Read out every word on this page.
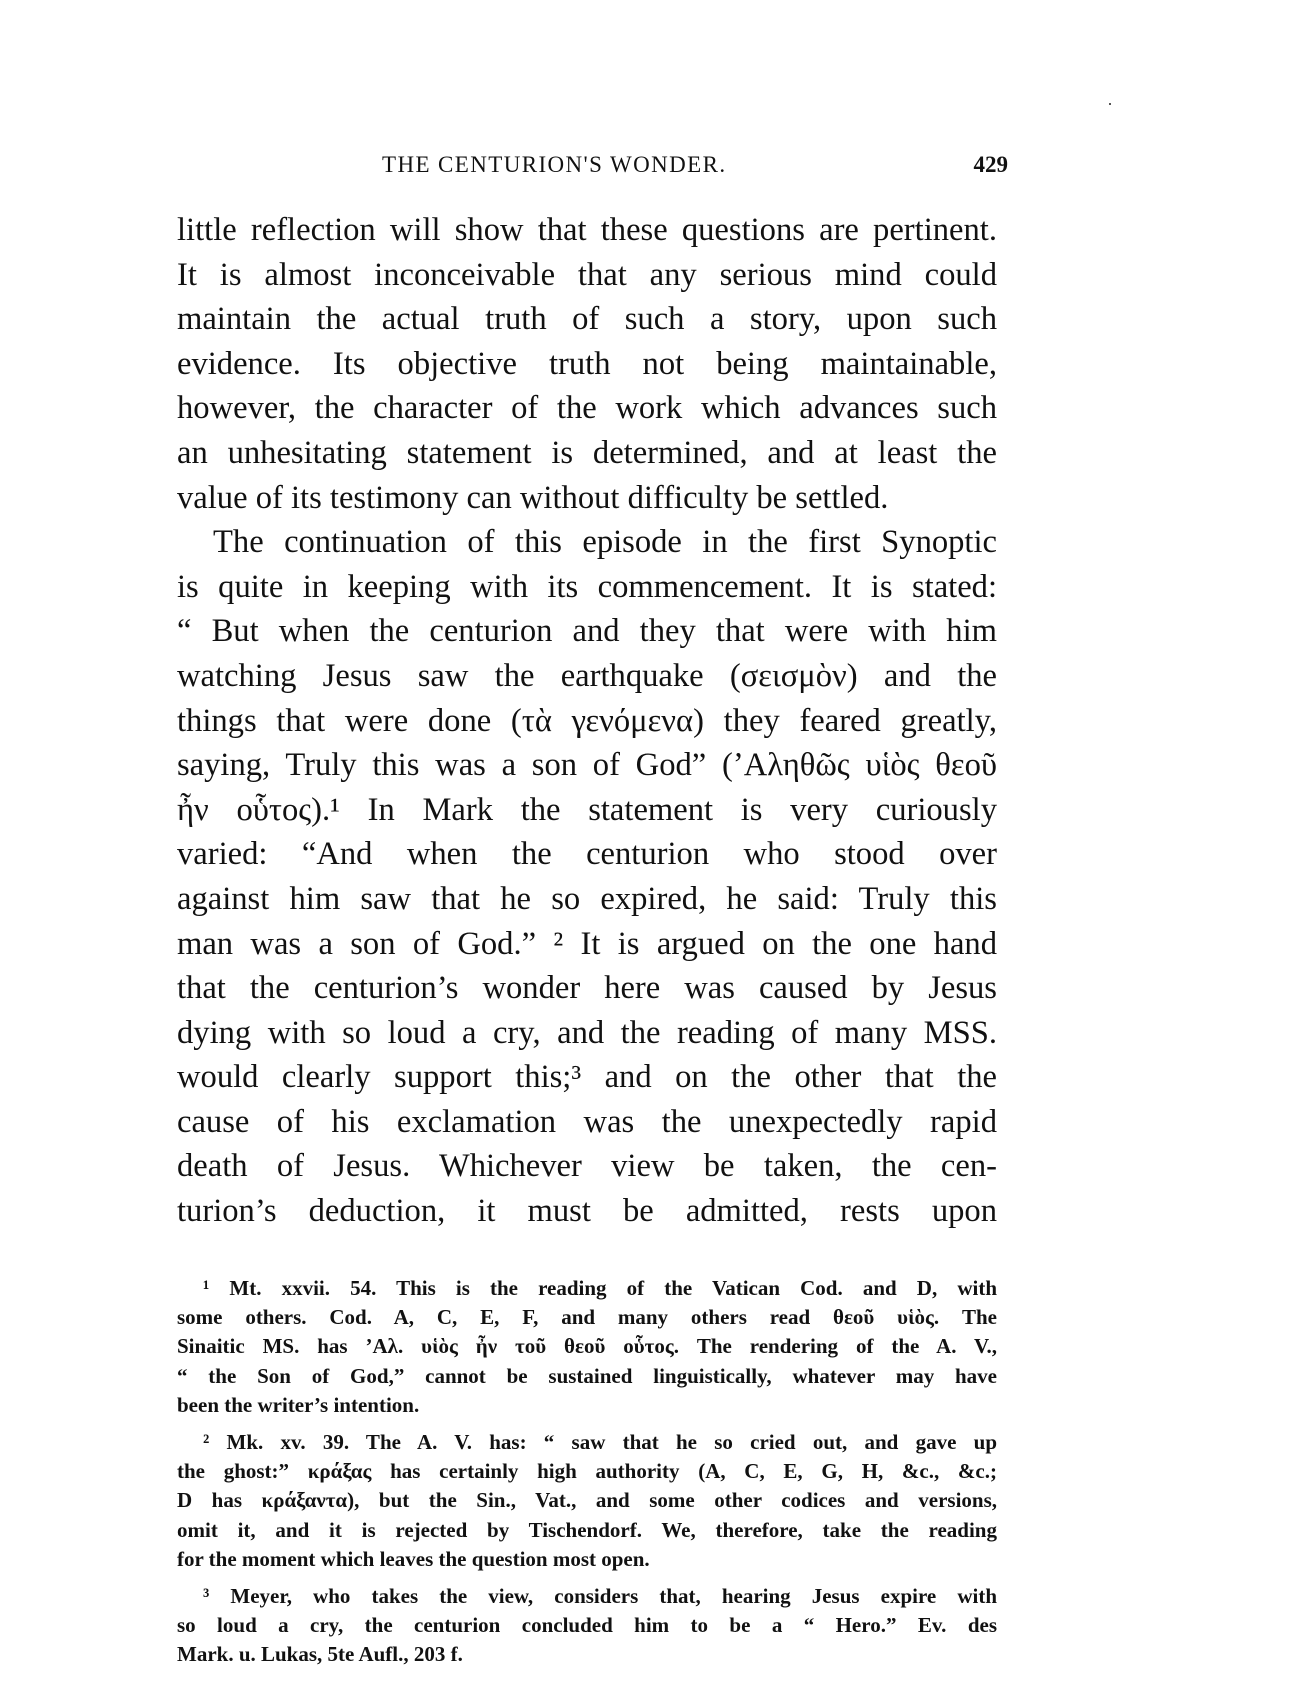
THE CENTURION'S WONDER.	429
little reflection will show that these questions are pertinent.
It is almost inconceivable that any serious mind could
maintain the actual truth of such a story, upon such
evidence. Its objective truth not being maintainable,
however, the character of the work which advances such
an unhesitating statement is determined, and at least the
value of its testimony can without difficulty be settled.
The continuation of this episode in the first Synoptic
is quite in keeping with its commencement. It is stated:
“ But when the centurion and they that were with him
watching Jesus saw the earthquake (σεισμὸν) and the
things that were done (τὰ γενόμενα) they feared greatly,
saying, Truly this was a son of God” (ʼΑληθῶς υἱὸς θεοῦ
ἦν οὗτος).¹ In Mark the statement is very curiously
varied: “And when the centurion who stood over
against him saw that he so expired, he said: Truly this
man was a son of God.” ² It is argued on the one hand
that the centurion’s wonder here was caused by Jesus
dying with so loud a cry, and the reading of many MSS.
would clearly support this;³ and on the other that the
cause of his exclamation was the unexpectedly rapid
death of Jesus. Whichever view be taken, the cen-
turion’s deduction, it must be admitted, rests upon
¹ Mt. xxvii. 54. This is the reading of the Vatican Cod. and D, with
some others. Cod. A, C, E, F, and many others read θεοῦ υἱὸς. The
Sinaitic MS. has ʼΑλ. υἱὸς ἦν τοῦ θεοῦ οὗτος. The rendering of the A. V.,
“ the Son of God,” cannot be sustained linguistically, whatever may have
been the writer’s intention.
² Mk. xv. 39. The A. V. has: “ saw that he so cried out, and gave up
the ghost:” κράξας has certainly high authority (A, C, E, G, H, &c., &c.;
D has κράξαντα), but the Sin., Vat., and some other codices and versions,
omit it, and it is rejected by Tischendorf. We, therefore, take the reading
for the moment which leaves the question most open.
³ Meyer, who takes the view, considers that, hearing Jesus expire with
so loud a cry, the centurion concluded him to be a “ Hero.” Ev. des
Mark. u. Lukas, 5te Aufl., 203 f.
